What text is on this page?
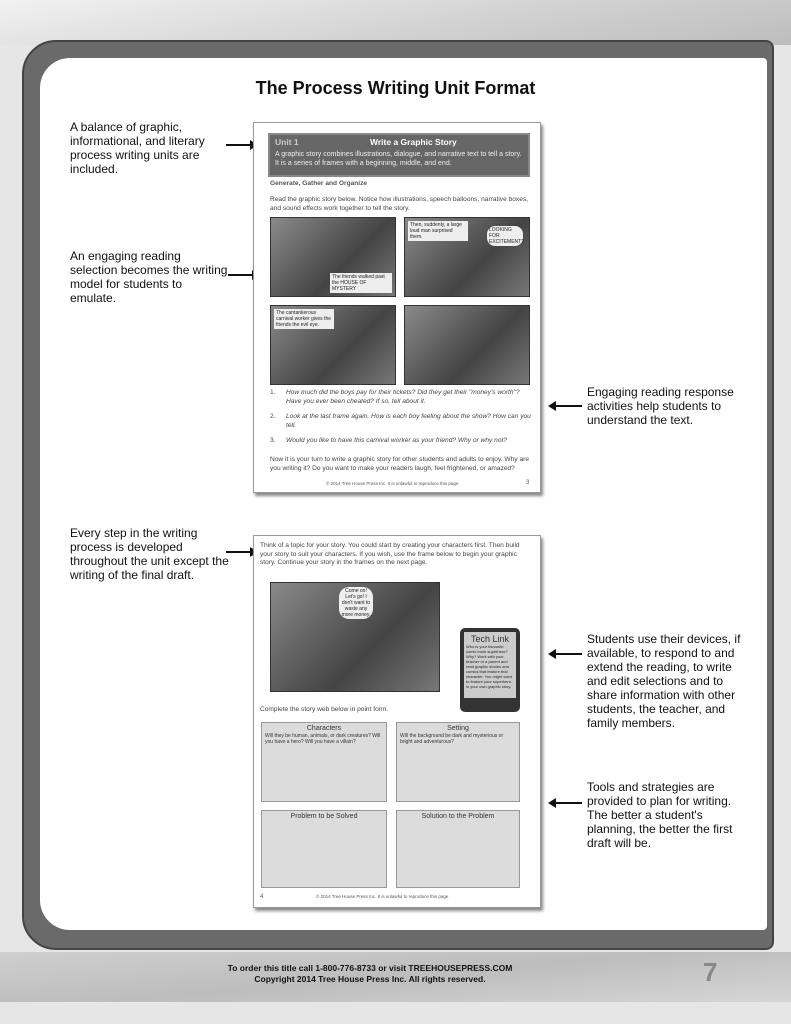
The Process Writing Unit Format
A balance of graphic, informational, and literary process writing units are included.
An engaging reading selection becomes the writing model for students to emulate.
Every step in the writing process is developed throughout the unit except the writing of the final draft.
Engaging reading response activities help students to understand the text.
Students use their devices, if available, to respond to and extend the reading, to write and edit selections and to share information with other students, the teacher, and family members.
Tools and strategies are provided to plan for writing. The better a student's planning, the better the first draft will be.
Unit 1	Write a Graphic Story
A graphic story combines illustrations, dialogue, and narrative text to tell a story. It is a series of frames with a beginning, middle, and end.
Generate, Gather and Organize
Read the graphic story below. Notice how illustrations, speech balloons, narrative boxes, and sound effects work together to tell the story.
The friends walked past the HOUSE OF MYSTERY
Then, suddenly, a large loud man surprised them.
LOOKING FOR EXCITEMENT?
The cantankerous carnival worker gives the friends the evil eye.
1.	How much did the boys pay for their tickets? Did they get their "money's worth"? Have you ever been cheated? If so, tell about it.
2.	Look at the last frame again. How is each boy feeling about the show? How can you tell.
3.	Would you like to have this carnival worker as your friend? Why or why not?
Now it is your turn to write a graphic story for other students and adults to enjoy. Why are you writing it? Do you want to make your readers laugh, feel frightened, or amazed?
© 2014 Tree House Press Inc. It is unlawful to reproduce this page	3
Think of a topic for your story. You could start by creating your characters first. Then build your story to suit your characters. If you wish, use the frame below to begin your graphic story. Continue your story in the frames on the next page.
Come on! Let's go! I don't want to waste any more money.
Tech Link
Who is your favourite comic book superhero? Why? Work with your teacher or a parent and read graphic stories and comics that feature that character. You might want to feature your superhero in your own graphic story.
Complete the story web below in point form.
Characters
Will they be human, animals, or dark creatures? Will you have a hero? Will you have a villain?
Setting
Will the background be dark and mysterious or bright and adventurous?
Problem to be Solved	Solution to the Problem
4	© 2014 Tree House Press Inc. It is unlawful to reproduce this page
To order this title call 1-800-776-8733 or visit TREEHOUSEPRESS.COM
Copyright 2014 Tree House Press Inc. All rights reserved.	7
